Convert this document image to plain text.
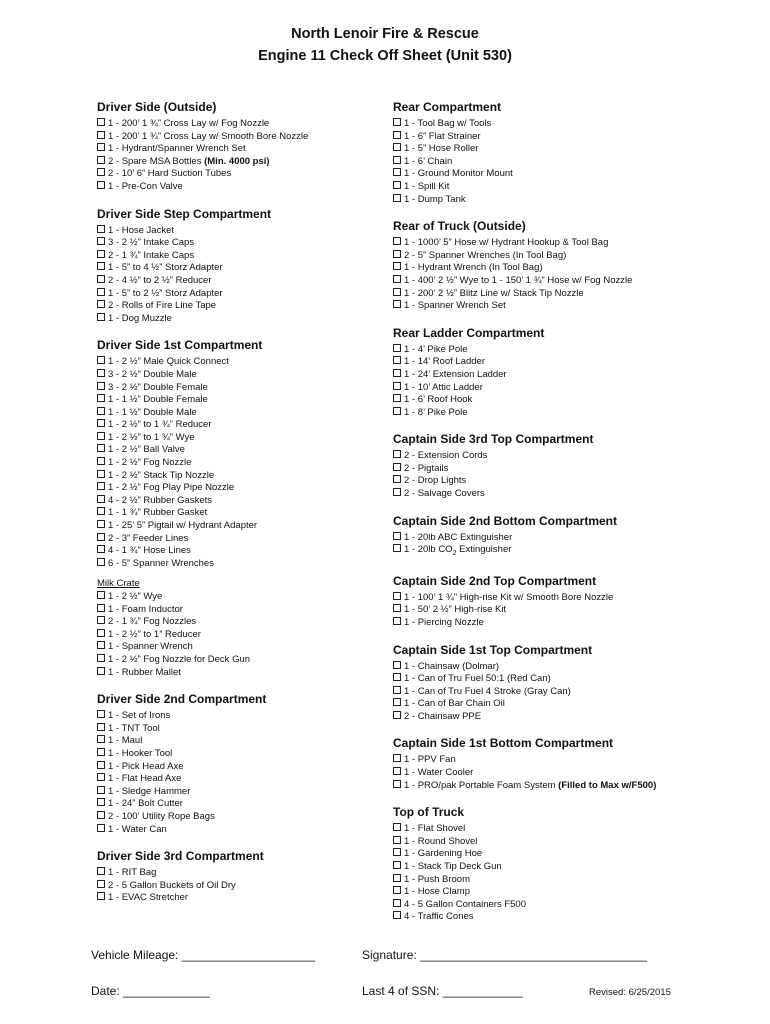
North Lenoir Fire & Rescue
Engine 11 Check Off Sheet (Unit 530)
Driver Side (Outside)
1 - 200’ 1 ¾” Cross Lay w/ Fog Nozzle
1 - 200’ 1 ¾” Cross Lay w/ Smooth Bore Nozzle
1 - Hydrant/Spanner Wrench Set
2 - Spare MSA Bottles (Min. 4000 psi)
2 - 10’ 6” Hard Suction Tubes
1 - Pre-Con Valve
Driver Side Step Compartment
1 - Hose Jacket
3 - 2 ½” Intake Caps
2 - 1 ¾” Intake Caps
1 - 5” to 4 ½” Storz Adapter
2 - 4 ½” to 2 ½” Reducer
1 - 5” to 2 ½” Storz Adapter
2 - Rolls of Fire Line Tape
1 - Dog Muzzle
Driver Side 1st Compartment
1 - 2 ½” Male Quick Connect
3 - 2 ½” Double Male
3 - 2 ½” Double Female
1 - 1 ½” Double Female
1 - 1 ½” Double Male
1 - 2 ½” to 1 ¾” Reducer
1 - 2 ½” to 1 ¾” Wye
1 - 2 ½” Ball Valve
1 - 2 ½” Fog Nozzle
1 - 2 ½” Stack Tip Nozzle
1 - 2 ½” Fog Play Pipe Nozzle
4 - 2 ½” Rubber Gaskets
1 - 1 ¾” Rubber Gasket
1 - 25’ 5” Pigtail w/ Hydrant Adapter
2 - 3” Feeder Lines
4 - 1 ¾” Hose Lines
6 - 5” Spanner Wrenches
Milk Crate
1 - 2 ½” Wye
1 - Foam Inductor
2 - 1 ¾” Fog Nozzles
1 - 2 ½” to 1” Reducer
1 - Spanner Wrench
1 - 2 ½” Fog Nozzle for Deck Gun
1 - Rubber Mallet
Driver Side 2nd Compartment
1 - Set of Irons
1 - TNT Tool
1 - Maul
1 - Hooker Tool
1 - Pick Head Axe
1 - Flat Head Axe
1 - Sledge Hammer
1 - 24” Bolt Cutter
2 - 100’ Utility Rope Bags
1 - Water Can
Driver Side 3rd Compartment
1 - RIT Bag
2 - 5 Gallon Buckets of Oil Dry
1 - EVAC Stretcher
Rear Compartment
1 - Tool Bag w/ Tools
1 - 6” Flat Strainer
1 - 5” Hose Roller
1 - 6’ Chain
1 - Ground Monitor Mount
1 - Spill Kit
1 - Dump Tank
Rear of Truck (Outside)
1 - 1000’ 5” Hose w/ Hydrant Hookup & Tool Bag
2 - 5” Spanner Wrenches (In Tool Bag)
1 - Hydrant Wrench (In Tool Bag)
1 - 400’ 2 ½” Wye to 1 - 150’ 1 ¾” Hose w/ Fog Nozzle
1 - 200’ 2 ½” Blitz Line w/ Stack Tip Nozzle
1 - Spanner Wrench Set
Rear Ladder Compartment
1 - 4’ Pike Pole
1 - 14’ Roof Ladder
1 - 24’ Extension Ladder
1 - 10’ Attic Ladder
1 - 6’ Roof Hook
1 - 8’ Pike Pole
Captain Side 3rd Top Compartment
2 - Extension Cords
2 - Pigtails
2 - Drop Lights
2 - Salvage Covers
Captain Side 2nd Bottom Compartment
1 - 20lb ABC Extinguisher
1 - 20lb $CO_2$ Extinguisher
Captain Side 2nd Top Compartment
1 - 100’ 1 ¾” High-rise Kit w/ Smooth Bore Nozzle
1 - 50’ 2 ½” High-rise Kit
1 - Piercing Nozzle
Captain Side 1st Top Compartment
1 - Chainsaw (Dolmar)
1 - Can of Tru Fuel 50:1 (Red Can)
1 - Can of Tru Fuel 4 Stroke (Gray Can)
1 - Can of Bar Chain Oil
2 - Chainsaw PPE
Captain Side 1st Bottom Compartment
1 - PPV Fan
1 - Water Cooler
1 - PRO/pak Portable Foam System (Filled to Max w/F500)
Top of Truck
1 - Flat Shovel
1 - Round Shovel
1 - Gardening Hoe
1 - Stack Tip Deck Gun
1 - Push Broom
1 - Hose Clamp
4 - 5 Gallon Containers F500
4 - Traffic Cones
Vehicle Mileage: ____________________	Signature: __________________________________
Date: _____________	Last 4 of SSN: ____________	Revised: 6/25/2015
